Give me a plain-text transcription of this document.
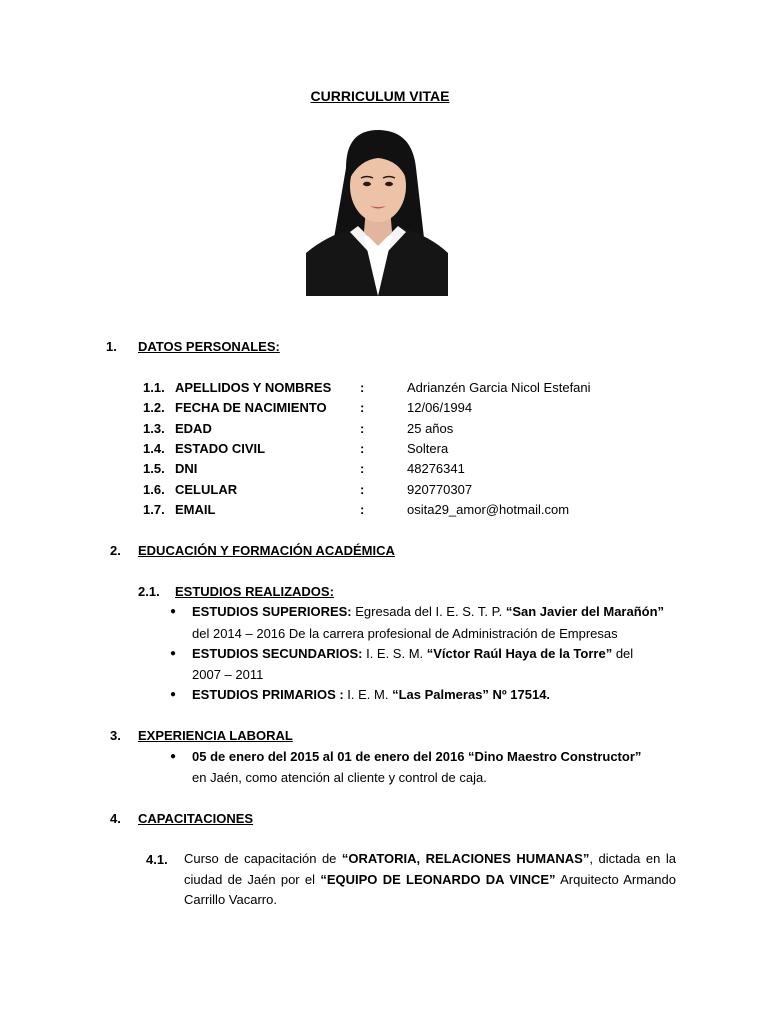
CURRICULUM VITAE
1. DATOS PERSONALES:
1.1. APELLIDOS Y NOMBRES :	Adrianzén Garcia Nicol Estefani
1.2. FECHA DE NACIMIENTO	:	12/06/1994
1.3. EDAD	:	25 años
1.4. ESTADO CIVIL	:	Soltera
1.5. DNI	:	48276341
1.6. CELULAR	:	920770307
1.7. EMAIL	:	osita29_amor@hotmail.com
2. EDUCACIÓN Y FORMACIÓN ACADÉMICA
2.1. ESTUDIOS REALIZADOS:
● ESTUDIOS SUPERIORES: Egresada del I. E. S. T. P. “San Javier del Marañón”
del 2014 – 2016 De la carrera profesional de Administración de Empresas
● ESTUDIOS SECUNDARIOS: I. E. S. M. “Víctor Raúl Haya de la Torre” del
2007 – 2011
● ESTUDIOS PRIMARIOS : I. E. M. “Las Palmeras” Nº 17514.
3. EXPERIENCIA LABORAL
● 05 de enero del 2015 al 01 de enero del 2016 “Dino Maestro Constructor”
en Jaén, como atención al cliente y control de caja.
4. CAPACITACIONES
4.1. Curso de capacitación de “ORATORIA, RELACIONES HUMANAS”, dictada en la ciudad de Jaén por el “EQUIPO DE LEONARDO DA VINCE” Arquitecto Armando Carrillo Vacarro.
